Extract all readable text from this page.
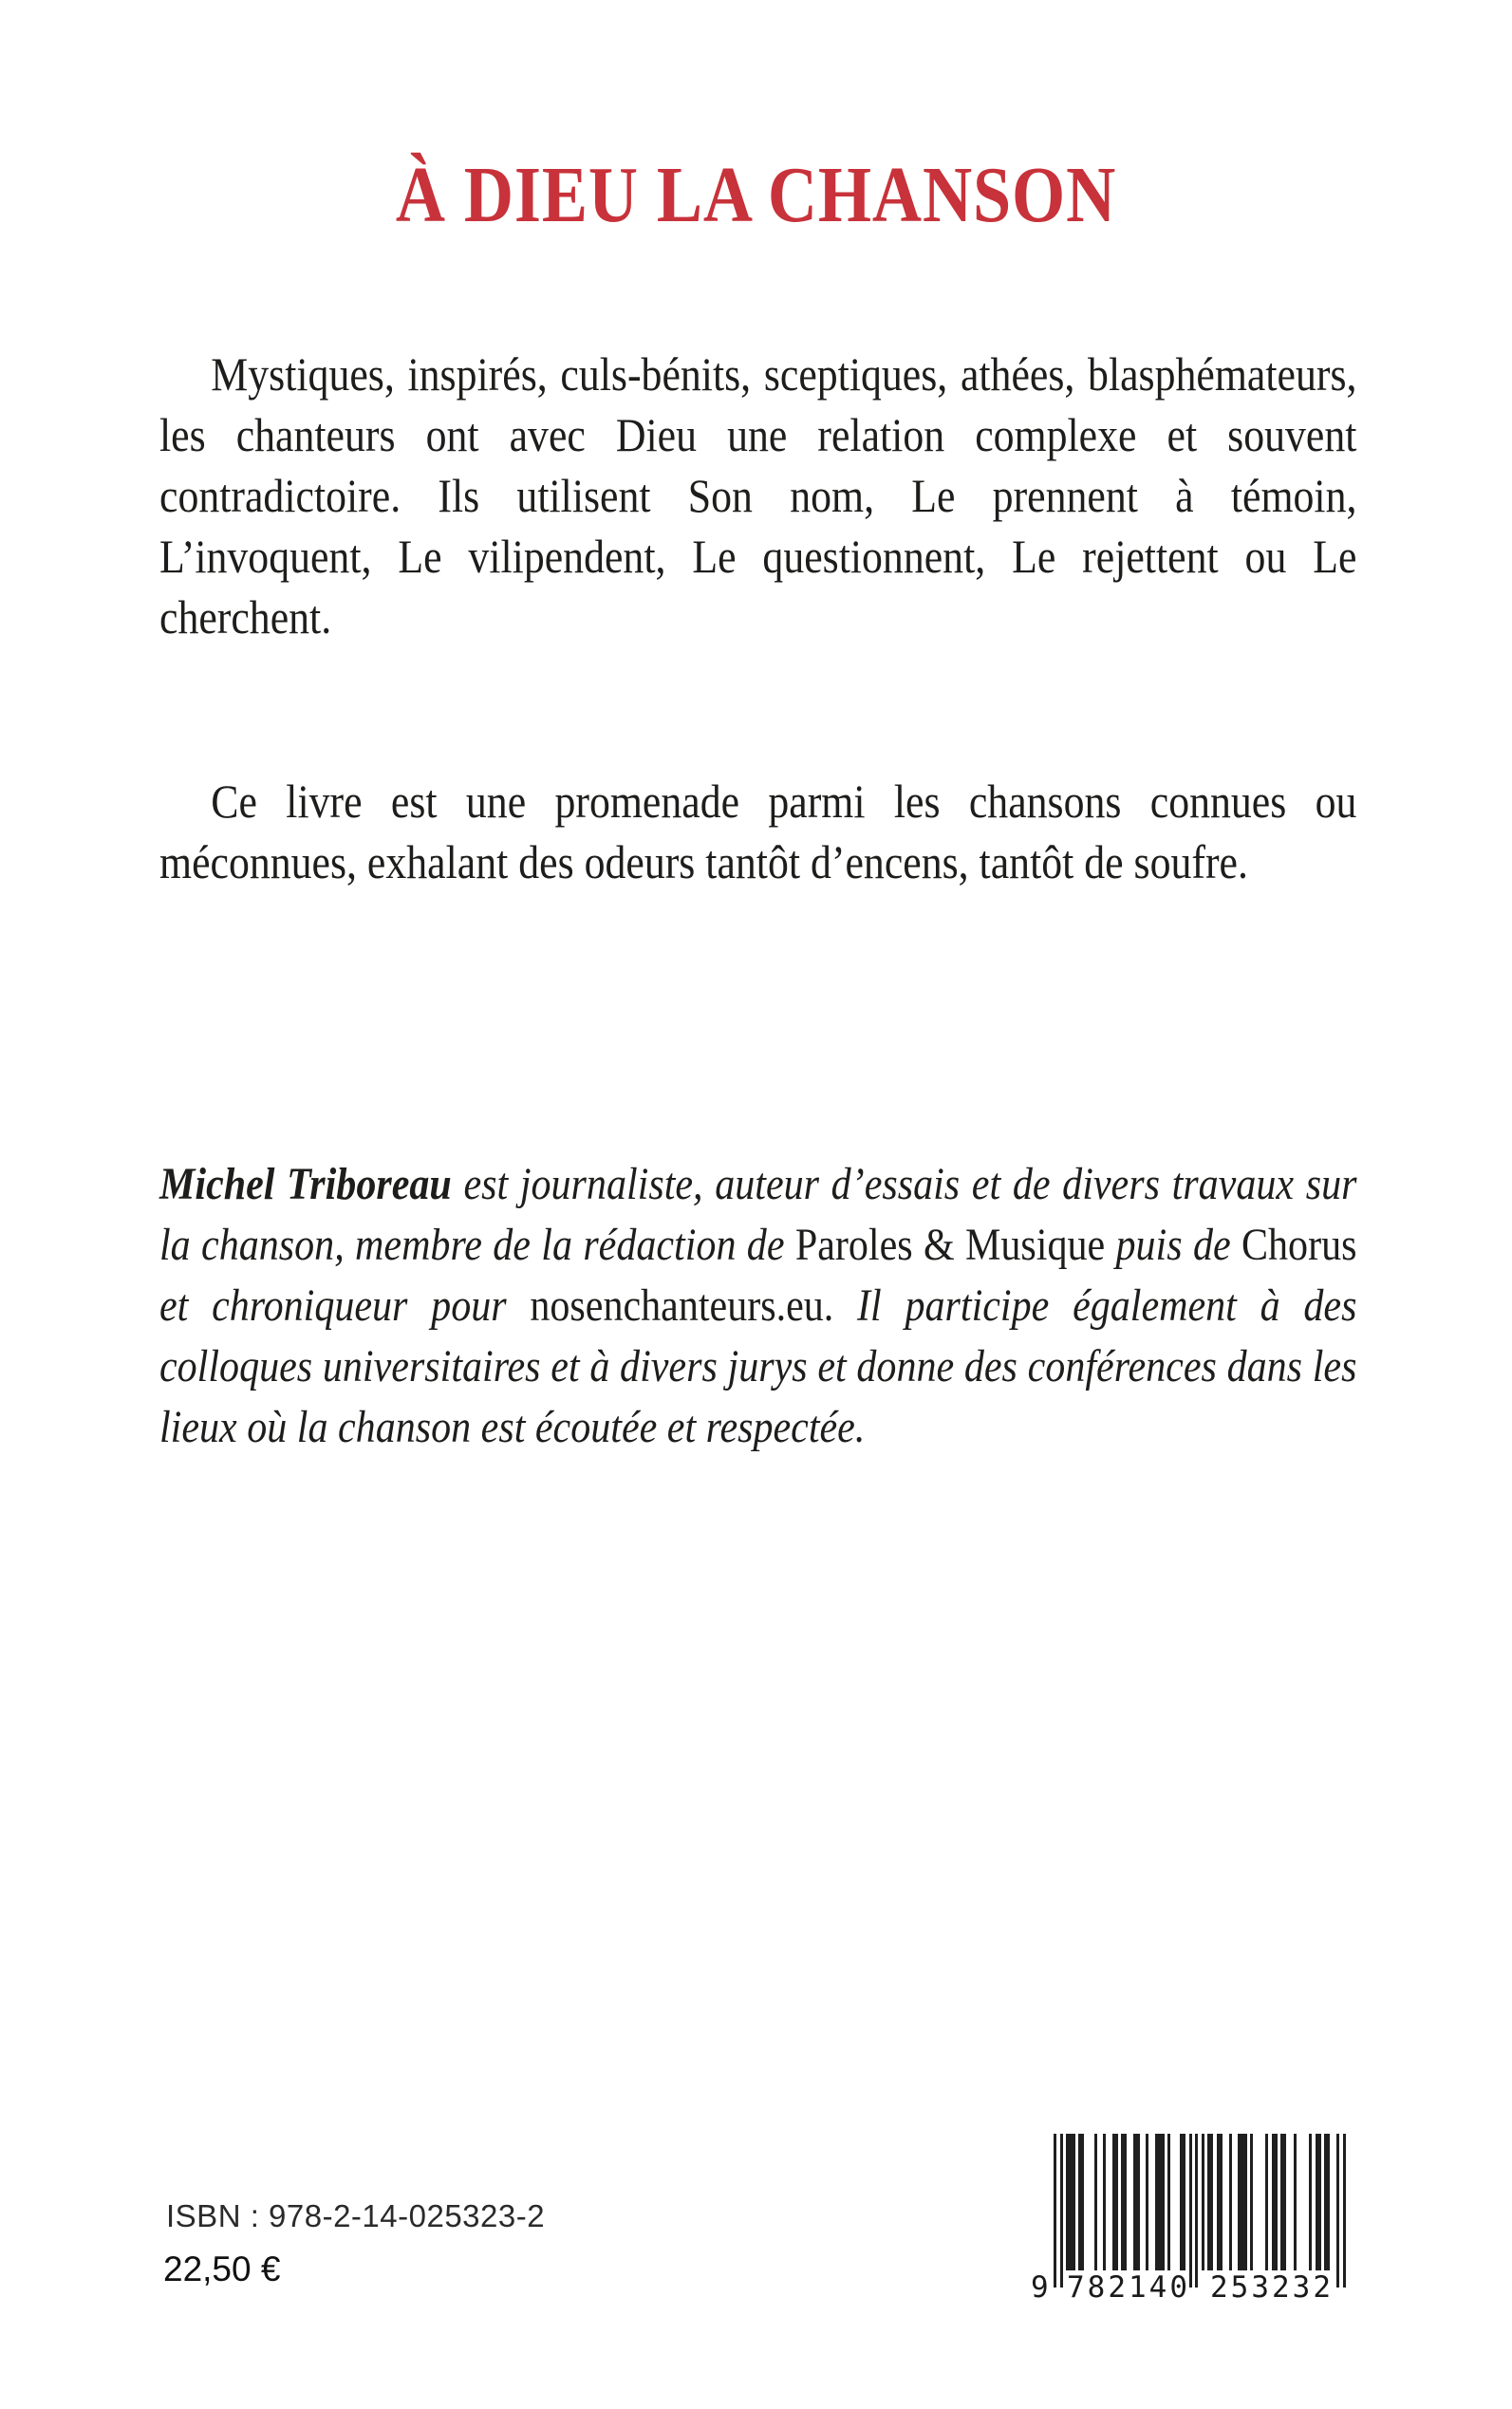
À DIEU LA CHANSON

Mystiques, inspirés, culs-bénits, sceptiques, athées, blasphémateurs, les chanteurs ont avec Dieu une relation complexe et souvent contradictoire. Ils utilisent Son nom, Le prennent à témoin, L’invoquent, Le vilipendent, Le questionnent, Le rejettent ou Le cherchent.

Ce livre est une promenade parmi les chansons connues ou méconnues, exhalant des odeurs tantôt d’encens, tantôt de soufre.

Michel Triboreau est journaliste, auteur d’essais et de divers travaux sur la chanson, membre de la rédaction de Paroles & Musique puis de Chorus et chroniqueur pour nosenchanteurs.eu. Il participe également à des colloques universitaires et à divers jurys et donne des conférences dans les lieux où la chanson est écoutée et respectée.

ISBN : 978-2-14-025323-2
22,50 €	9 782140 253232
